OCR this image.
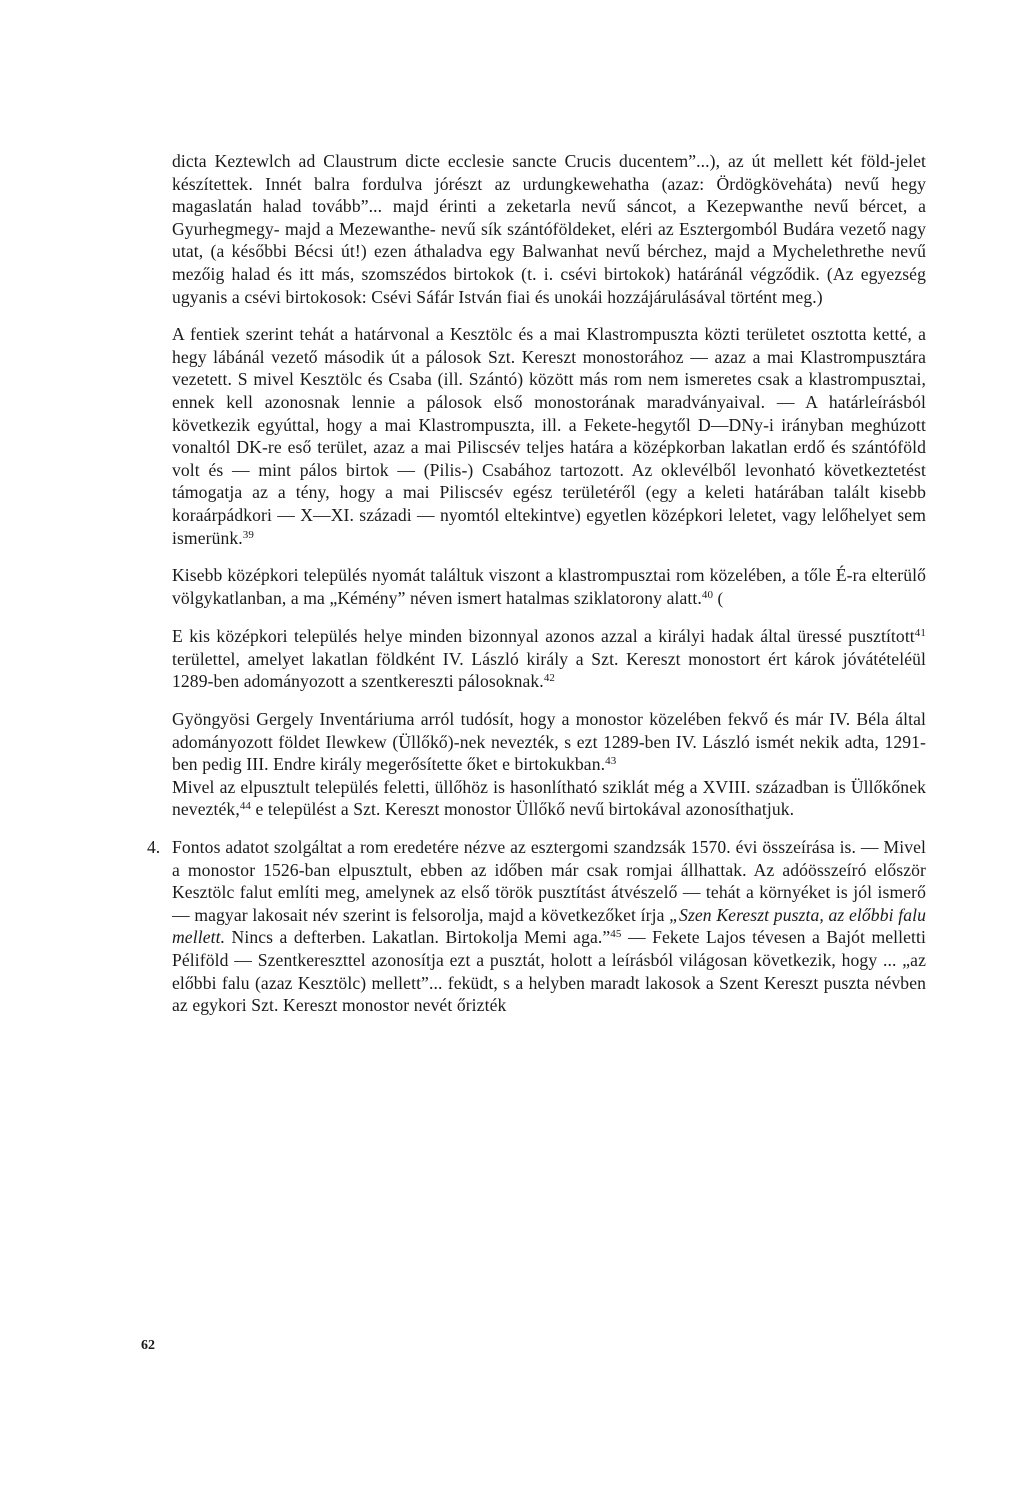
dicta Keztewlch ad Claustrum dicte ecclesie sancte Crucis ducentem”...), az út mellett két föld-jelet készítettek. Innét balra fordulva jórészt az urdungkewehatha (azaz: Ördögköveháta) nevű hegy magaslatán halad tovább”... majd érinti a zeketarla nevű sáncot, a Kezepwanthe nevű bércet, a Gyurhegmegy- majd a Mezewanthe- nevű sík szántóföldeket, eléri az Esztergomból Budára vezető nagy utat, (a későbbi Bécsi út!) ezen áthaladva egy Balwanhat nevű bérchez, majd a Mychelethrethe nevű mezőig halad és itt más, szomszédos birtokok (t. i. csévi birtokok) határánál végződik. (Az egyezség ugyanis a csévi birtokosok: Csévi Sáfár István fiai és unokái hozzájárulásával történt meg.)

A fentiek szerint tehát a határvonal a Kesztölc és a mai Klastrompuszta közti területet osztotta ketté, a hegy lábánál vezető második út a pálosok Szt. Kereszt monostorához — azaz a mai Klastrompusztára vezetett. S mivel Kesztölc és Csaba (ill. Szántó) között más rom nem ismeretes csak a klastrompusztai, ennek kell azonosnak lennie a pálosok első monostorának maradványaival. — A határleírásból következik egyúttal, hogy a mai Klastrompuszta, ill. a Fekete-hegytől D—DNy-i irányban meghúzott vonaltól DK-re eső terület, azaz a mai Piliscsév teljes határa a középkorban lakatlan erdő és szántóföld volt és — mint pálos birtok — (Pilis-) Csabához tartozott. Az oklevélből levonható következtetést támogatja az a tény, hogy a mai Piliscsév egész területéről (egy a keleti határában talált kisebb koraárpádkori — X—XI. századi — nyomtól eltekintve) egyetlen középkori leletet, vagy lelőhelyet sem ismerünk.$^{39}$

Kisebb középkori település nyomát találtuk viszont a klastrompusztai rom közelében, a tőle É-ra elterülő völgykatlanban, a ma „Kémény” néven ismert hatalmas sziklatorony alatt.$^{40}$ (

E kis középkori település helye minden bizonnyal azonos azzal a királyi hadak által üressé pusztított$^{41}$ területtel, amelyet lakatlan földként IV. László király a Szt. Kereszt monostort ért károk jóvátételéül 1289-ben adományozott a szentkereszti pálosoknak.$^{42}$

Gyöngyösi Gergely Inventáriuma arról tudósít, hogy a monostor közelében fekvő és már IV. Béla által adományozott földet Ilewkew (Üllőkő)-nek nevezték, s ezt 1289-ben IV. László ismét nekik adta, 1291-ben pedig III. Endre király megerősítette őket e birtokukban.$^{43}$

Mivel az elpusztult település feletti, üllőhöz is hasonlítható sziklát még a XVIII. században is Üllőkőnek nevezték,$^{44}$ e települést a Szt. Kereszt monostor Üllőkő nevű birtokával azonosíthatjuk.

4. Fontos adatot szolgáltat a rom eredetére nézve az esztergomi szandzsák 1570. évi összeírása is. — Mivel a monostor 1526-ban elpusztult, ebben az időben már csak romjai állhattak. Az adóösszeíró először Kesztölc falut említi meg, amelynek az első török pusztítást átvészelő — tehát a környéket is jól ismerő — magyar lakosait név szerint is felsorolja, majd a következőket írja „Szen Kereszt puszta, az előbbi falu mellett. Nincs a defterben. Lakatlan. Birtokolja Memi aga.”$^{45}$ — Fekete Lajos tévesen a Bajót melletti Péliföld — Szentkereszttel azonosítja ezt a pusztát, holott a leírásból világosan következik, hogy ... „az előbbi falu (azaz Kesztölc) mellett”... feküdt, s a helyben maradt lakosok a Szent Kereszt puszta névben az egykori Szt. Kereszt monostor nevét őrizték

62
